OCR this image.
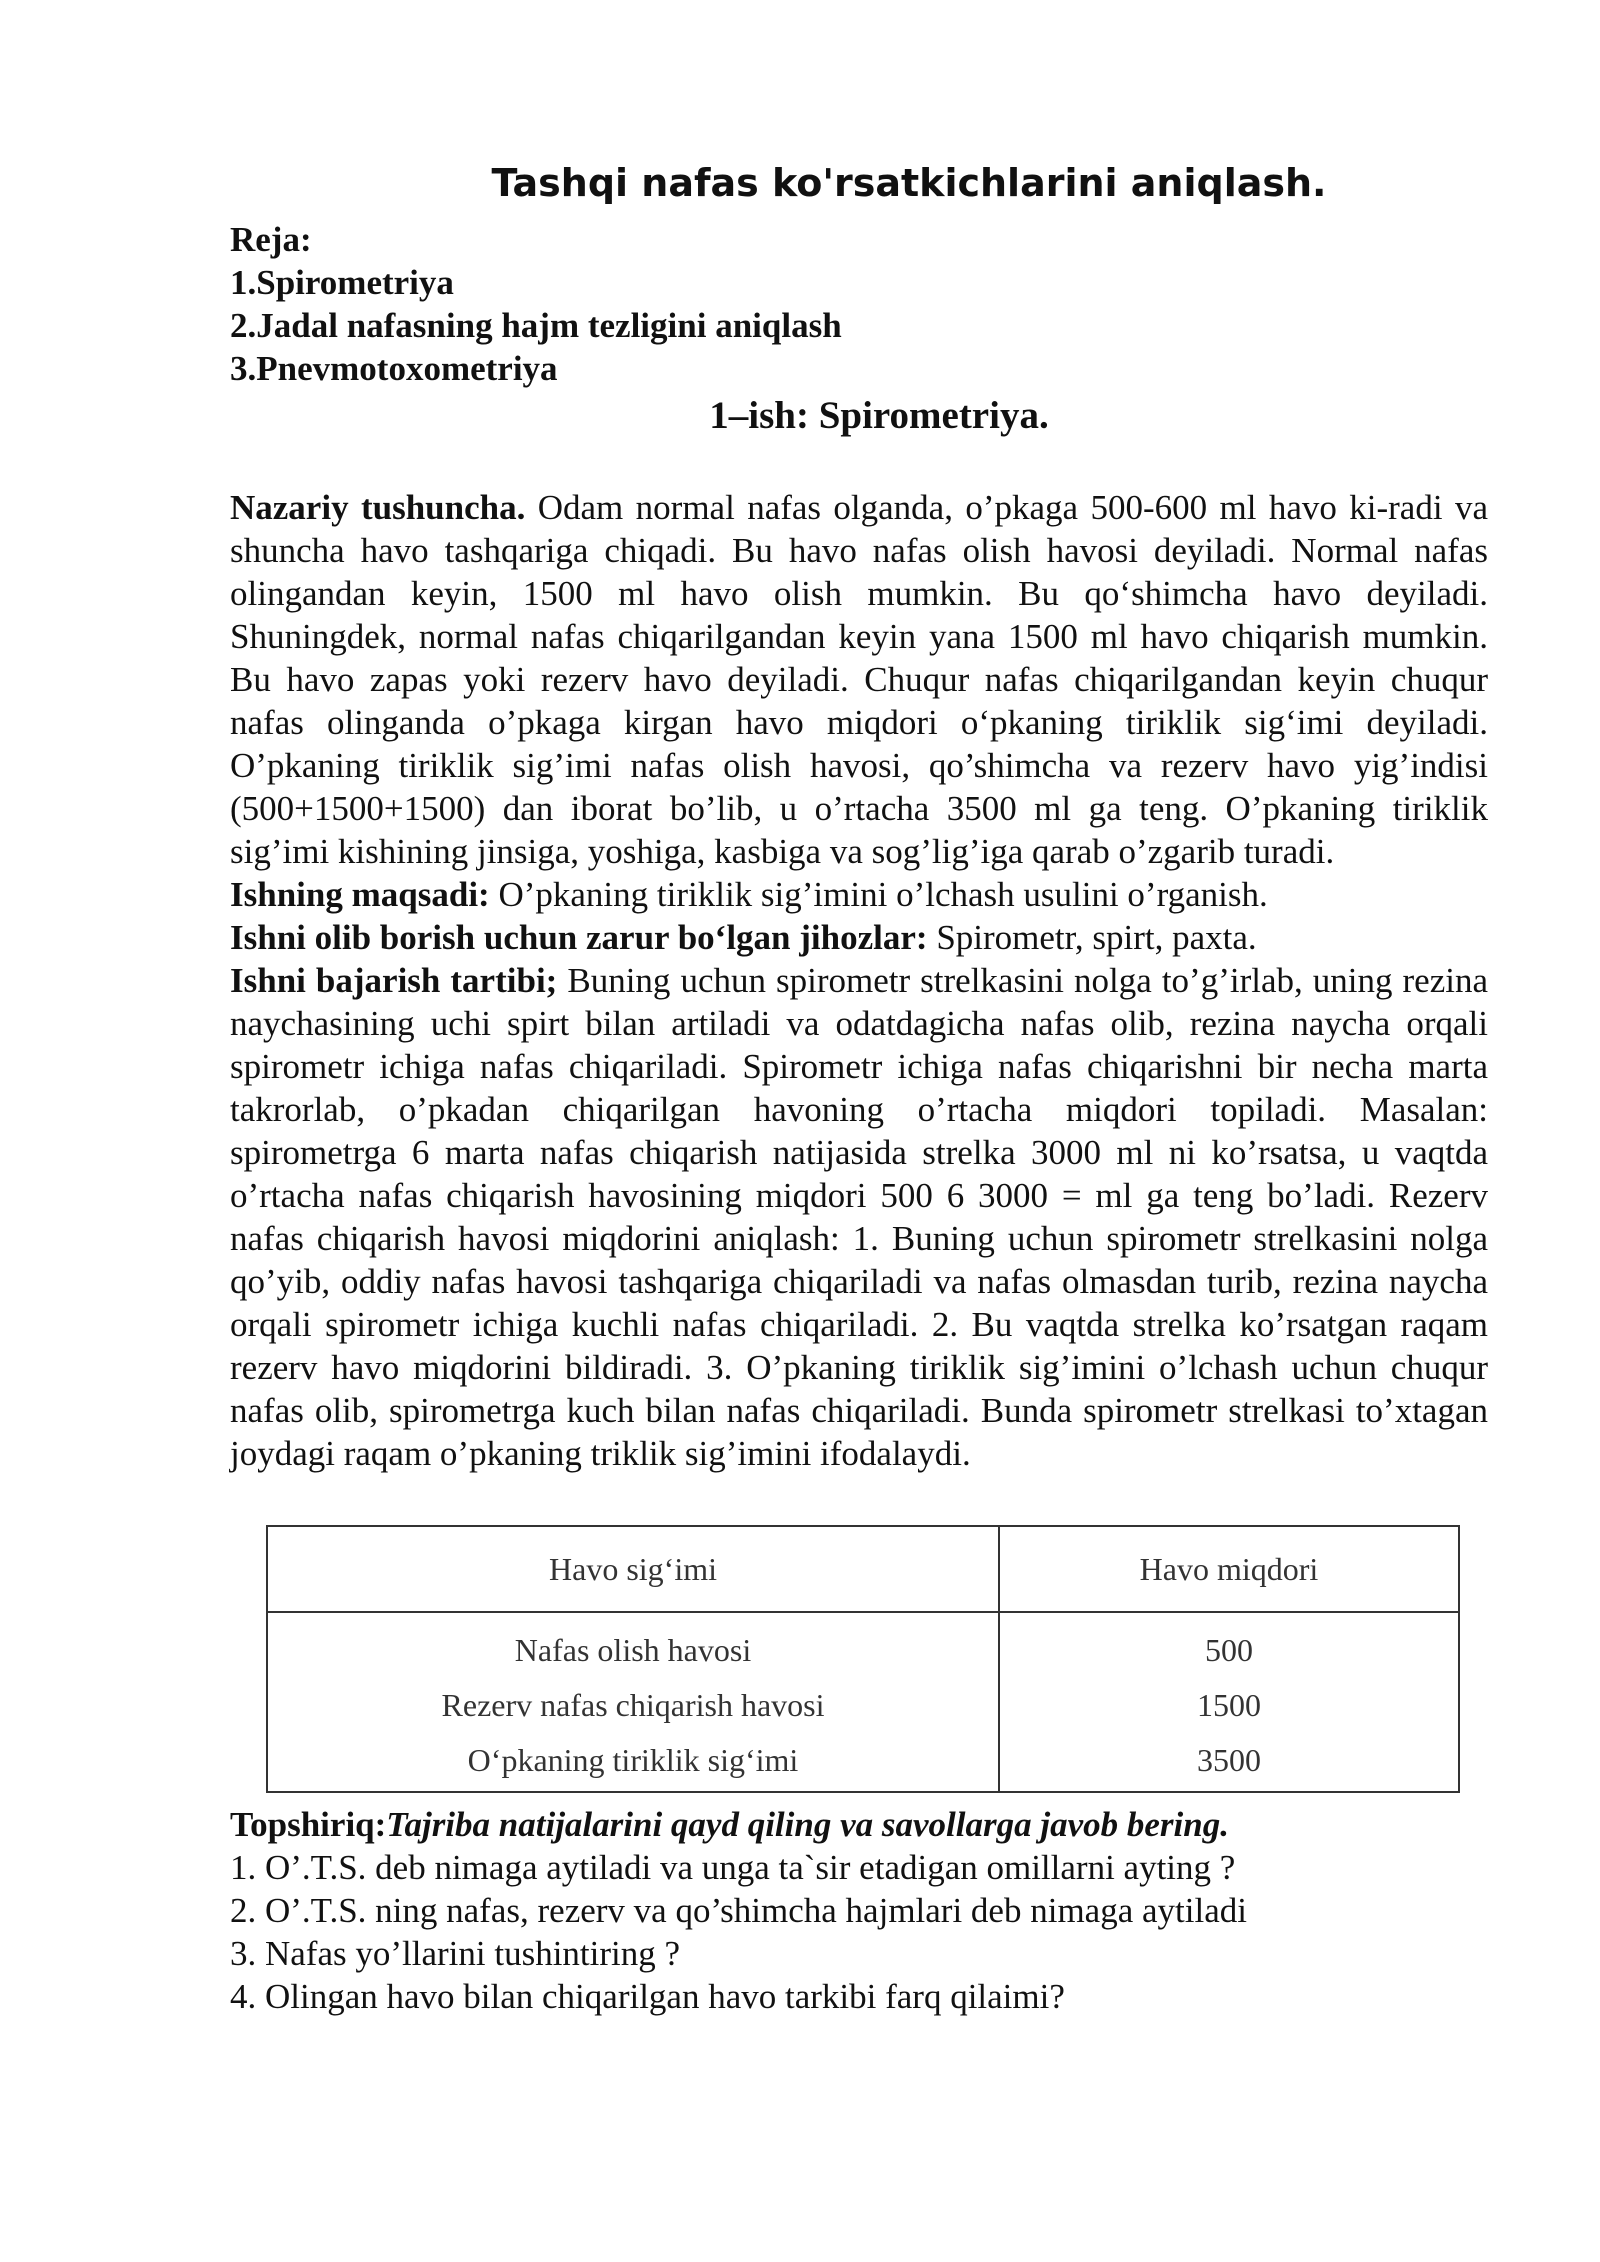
Tashqi nafas ko'rsatkichlarini aniqlash.
Reja:
1.Spirometriya
2.Jadal nafasning hajm tezligini aniqlash
3.Pnevmotoxometriya
1–ish: Spirometriya.

Nazariy tushuncha. Odam normal nafas olganda, o’pkaga 500-600 ml havo ki-radi va shuncha havo tashqariga chiqadi. Bu havo nafas olish havosi deyiladi. Normal nafas olingandan keyin, 1500 ml havo olish mumkin. Bu qo‘shimcha havo deyiladi. Shuningdek, normal nafas chiqarilgandan keyin yana 1500 ml havo chiqarish mumkin. Bu havo zapas yoki rezerv havo deyiladi. Chuqur nafas chiqarilgandan keyin chuqur nafas olinganda o’pkaga kirgan havo miqdori o‘pkaning tiriklik sig‘imi deyiladi. O’pkaning tiriklik sig’imi nafas olish havosi, qo’shimcha va rezerv havo yig’indisi (500+1500+1500) dan iborat bo’lib, u o’rtacha 3500 ml ga teng. O’pkaning tiriklik sig’imi kishining jinsiga, yoshiga, kasbiga va sog’lig’iga qarab o’zgarib turadi.

Ishning maqsadi: O’pkaning tiriklik sig’imini o’lchash usulini o’rganish.

Ishni olib borish uchun zarur bo‘lgan jihozlar: Spirometr, spirt, paxta.

Ishni bajarish tartibi; Buning uchun spirometr strelkasini nolga to’g’irlab, uning rezina naychasining uchi spirt bilan artiladi va odatdagicha nafas olib, rezina naycha orqali spirometr ichiga nafas chiqariladi. Spirometr ichiga nafas chiqarishni bir necha marta takrorlab, o’pkadan chiqarilgan havoning o’rtacha miqdori topiladi. Masalan: spirometrga 6 marta nafas chiqarish natijasida strelka 3000 ml ni ko’rsatsa, u vaqtda o’rtacha nafas chiqarish havosining miqdori 500 6 3000 = ml ga teng bo’ladi. Rezerv nafas chiqarish havosi miqdorini aniqlash: 1. Buning uchun spirometr strelkasini nolga qo’yib, oddiy nafas havosi tashqariga chiqariladi va nafas olmasdan turib, rezina naycha orqali spirometr ichiga kuchli nafas chiqariladi. 2. Bu vaqtda strelka ko’rsatgan raqam rezerv havo miqdorini bildiradi. 3. O’pkaning tiriklik sig’imini o’lchash uchun chuqur nafas olib, spirometrga kuch bilan nafas chiqariladi. Bunda spirometr strelkasi to’xtagan joydagi raqam o’pkaning triklik sig’imini ifodalaydi.

Havo sig‘imi	Havo miqdori
Nafas olish havosi	500
Rezerv nafas chiqarish havosi	1500
O‘pkaning tiriklik sig‘imi	3500

Topshiriq:Tajriba natijalarini qayd qiling va savollarga javob bering.

1. O’.T.S. deb nimaga aytiladi va unga ta`sir etadigan omillarni ayting ?

2. O’.T.S. ning nafas, rezerv va qo’shimcha hajmlari deb nimaga aytiladi

3. Nafas yo’llarini tushintiring ?

4. Olingan havo bilan chiqarilgan havo tarkibi farq qilaimi?
